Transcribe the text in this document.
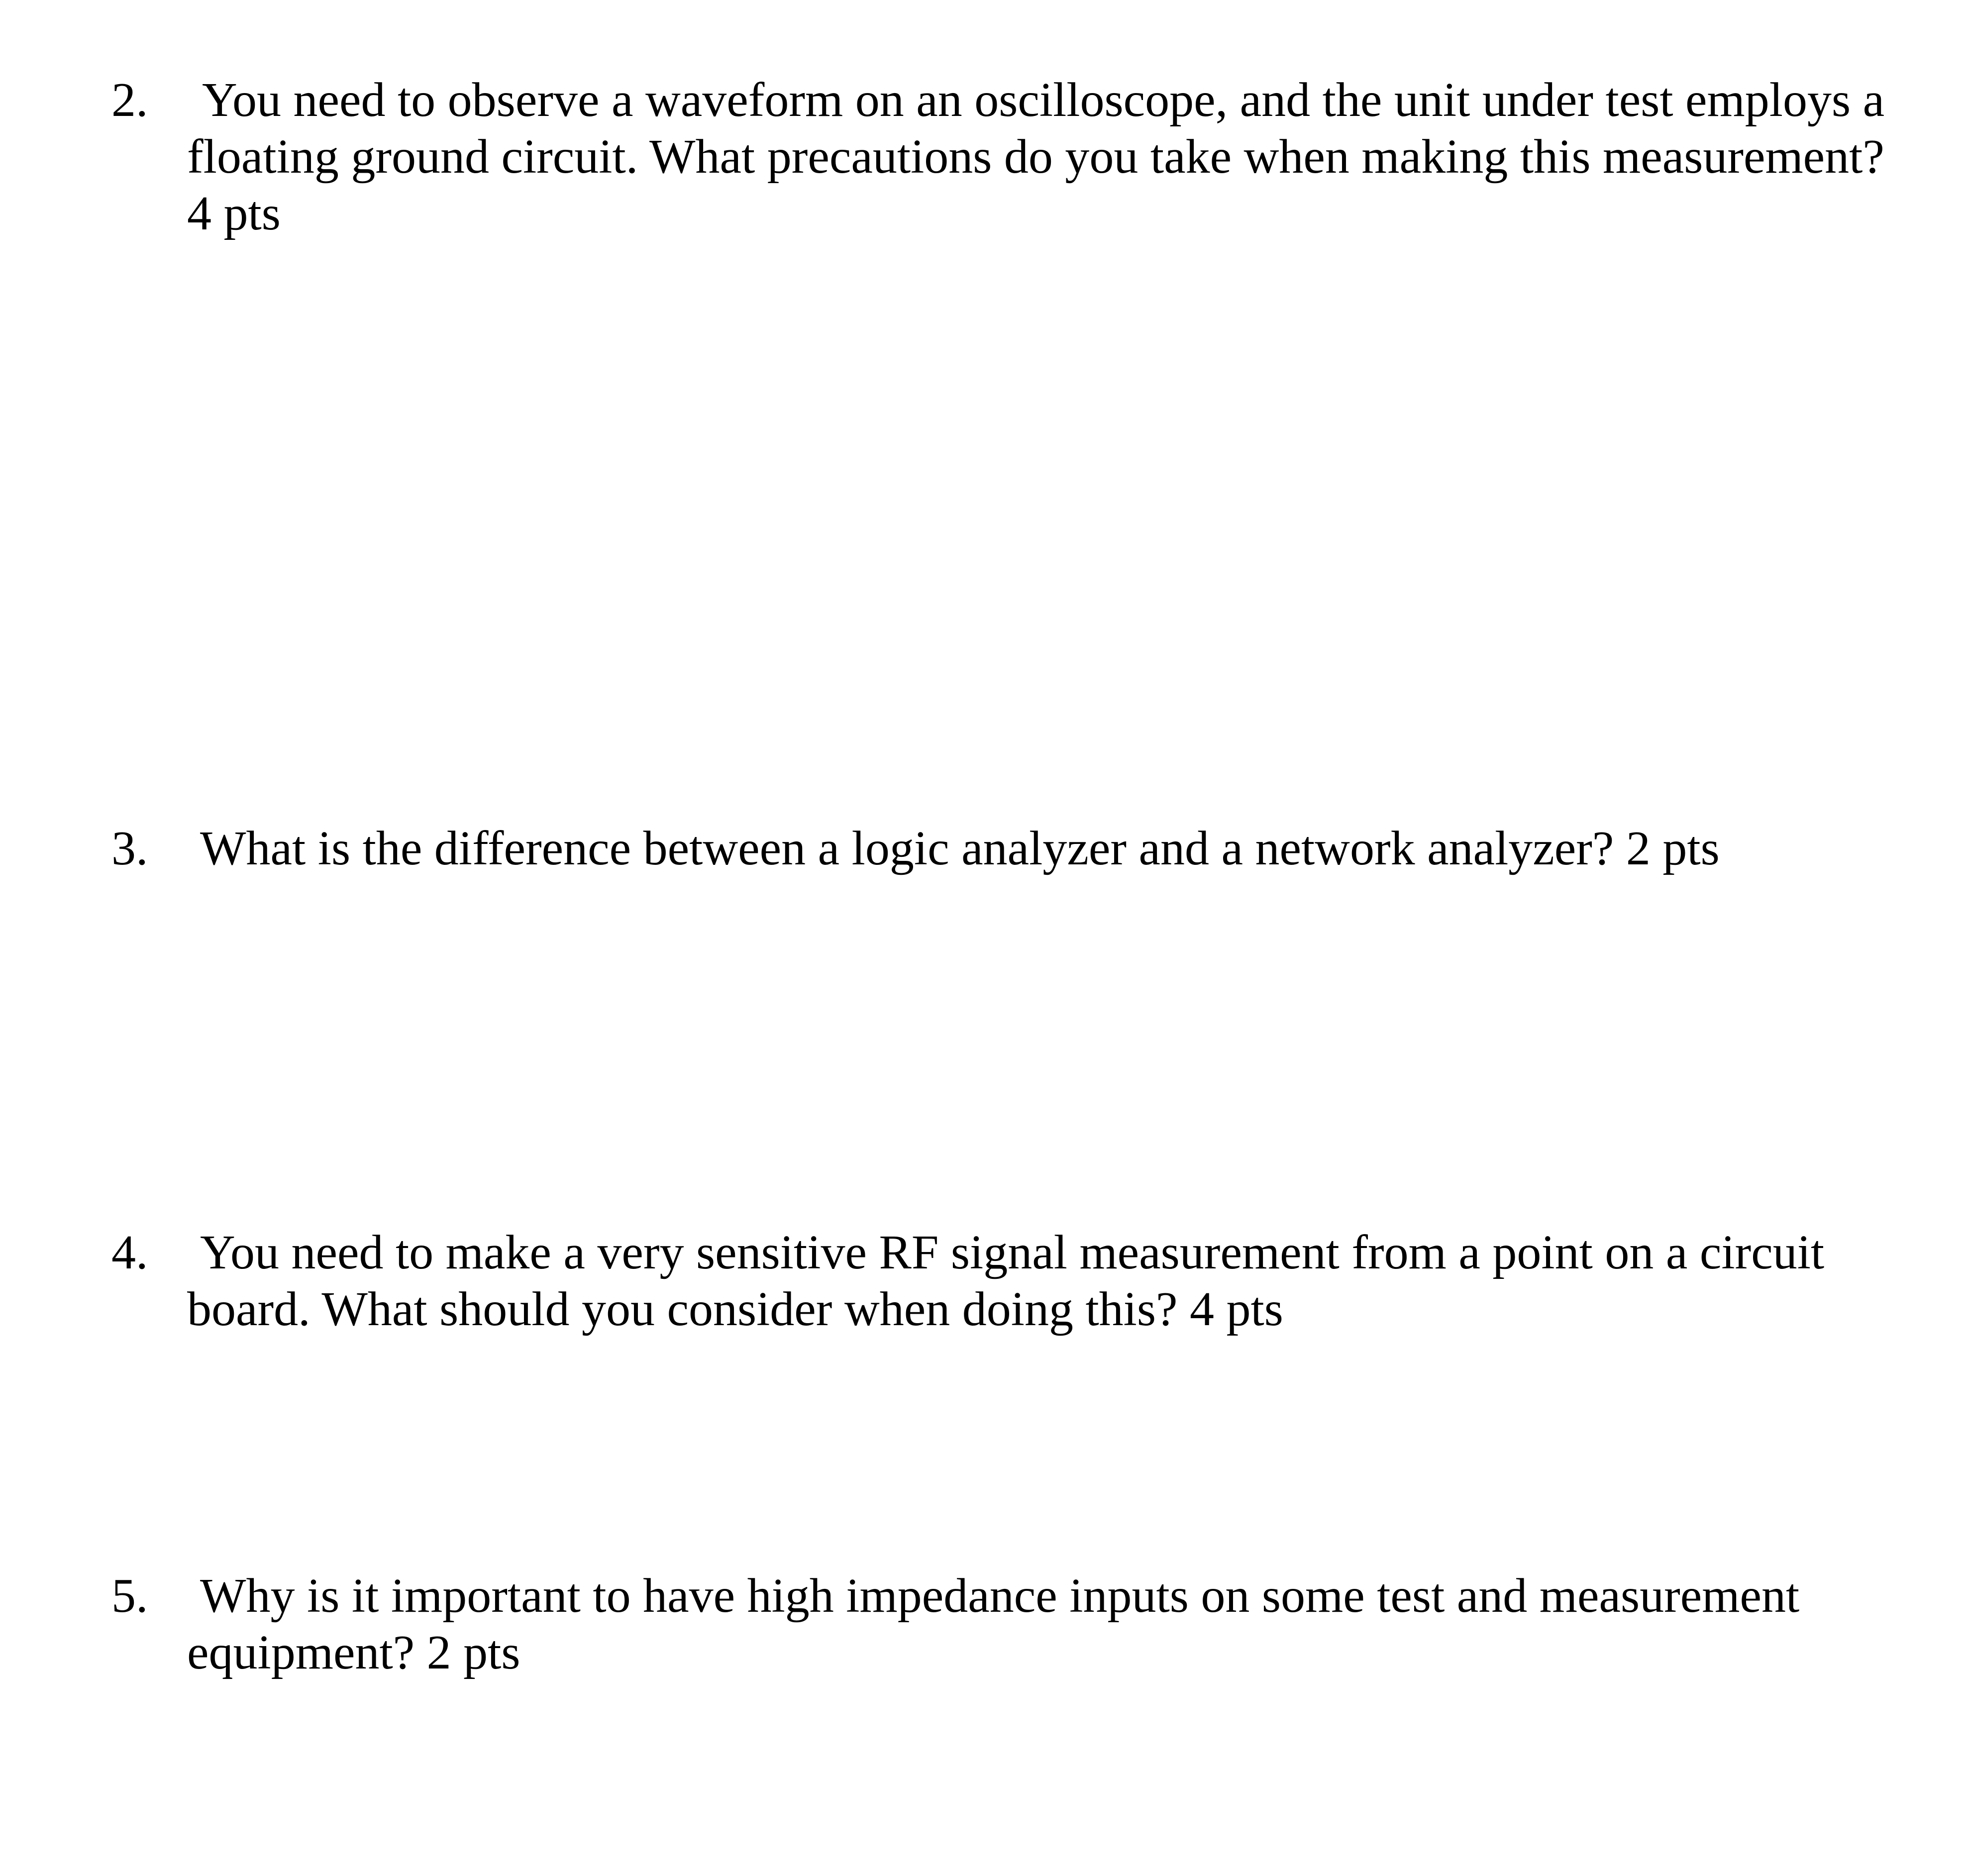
2.	You need to observe a waveform on an oscilloscope, and the unit under test employs a
floating ground circuit. What precautions do you take when making this measurement?
4 pts
3. What is the difference between a logic analyzer and a network analyzer? 2 pts
4. You need to make a very sensitive RF signal measurement from a point on a circuit
board. What should you consider when doing this? 4 pts
5. Why is it important to have high impedance inputs on some test and measurement
equipment? 2 pts
